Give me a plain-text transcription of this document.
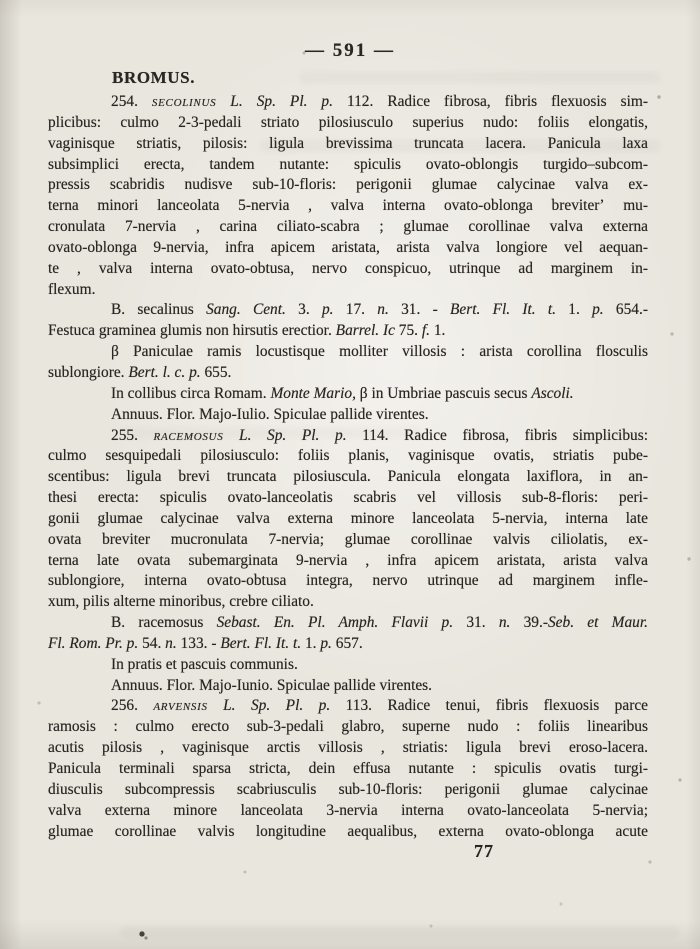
— 591 —
BROMUS.
254. secolinus L. Sp. Pl. p. 112. Radice fibrosa, fibris flexuosis sim-
plicibus: culmo 2-3-pedali striato pilosiusculo superius nudo: foliis elongatis,
vaginisque striatis, pilosis: ligula brevissima truncata lacera. Panicula laxa
subsimplici erecta, tandem nutante: spiculis ovato-oblongis turgido–subcom-
pressis scabridis nudisve sub-10-floris: perigonii glumae calycinae valva ex-
terna minori lanceolata 5-nervia , valva interna ovato-oblonga breviterʼ mu-
cronulata 7-nervia , carina ciliato-scabra ; glumae corollinae valva externa
ovato-oblonga 9-nervia, infra apicem aristata, arista valva longiore vel aequan-
te , valva interna ovato-obtusa, nervo conspicuo, utrinque ad marginem in-
flexum.
B. secalinus Sang. Cent. 3. p. 17. n. 31. - Bert. Fl. It. t. 1. p. 654.-
Festuca graminea glumis non hirsutis erectior. Barrel. Ic 75. f. 1.
β Paniculae ramis locustisque molliter villosis : arista corollina flosculis
sublongiore. Bert. l. c. p. 655.
In collibus circa Romam. Monte Mario, β in Umbriae pascuis secus Ascoli.
Annuus. Flor. Majo-Iulio. Spiculae pallide virentes.
255. racemosus L. Sp. Pl. p. 114. Radice fibrosa, fibris simplicibus:
culmo sesquipedali pilosiusculo: foliis planis, vaginisque ovatis, striatis pube-
scentibus: ligula brevi truncata pilosiuscula. Panicula elongata laxiflora, in an-
thesi erecta: spiculis ovato-lanceolatis scabris vel villosis sub-8-floris: peri-
gonii glumae calycinae valva externa minore lanceolata 5-nervia, interna late
ovata breviter mucronulata 7-nervia; glumae corollinae valvis ciliolatis, ex-
terna late ovata subemarginata 9-nervia , infra apicem aristata, arista valva
sublongiore, interna ovato-obtusa integra, nervo utrinque ad marginem infle-
xum, pilis alterne minoribus, crebre ciliato.
B. racemosus Sebast. En. Pl. Amph. Flavii p. 31. n. 39.-Seb. et Maur.
Fl. Rom. Pr. p. 54. n. 133. - Bert. Fl. It. t. 1. p. 657.
In pratis et pascuis communis.
Annuus. Flor. Majo-Iunio. Spiculae pallide virentes.
256. arvensis L. Sp. Pl. p. 113. Radice tenui, fibris flexuosis parce
ramosis : culmo erecto sub-3-pedali glabro, superne nudo : foliis linearibus
acutis pilosis , vaginisque arctis villosis , striatis: ligula brevi eroso-lacera.
Panicula terminali sparsa stricta, dein effusa nutante : spiculis ovatis turgi-
diusculis subcompressis scabriusculis sub-10-floris: perigonii glumae calycinae
valva externa minore lanceolata 3-nervia interna ovato-lanceolata 5-nervia;
glumae corollinae valvis longitudine aequalibus, externa ovato-oblonga acute
77
